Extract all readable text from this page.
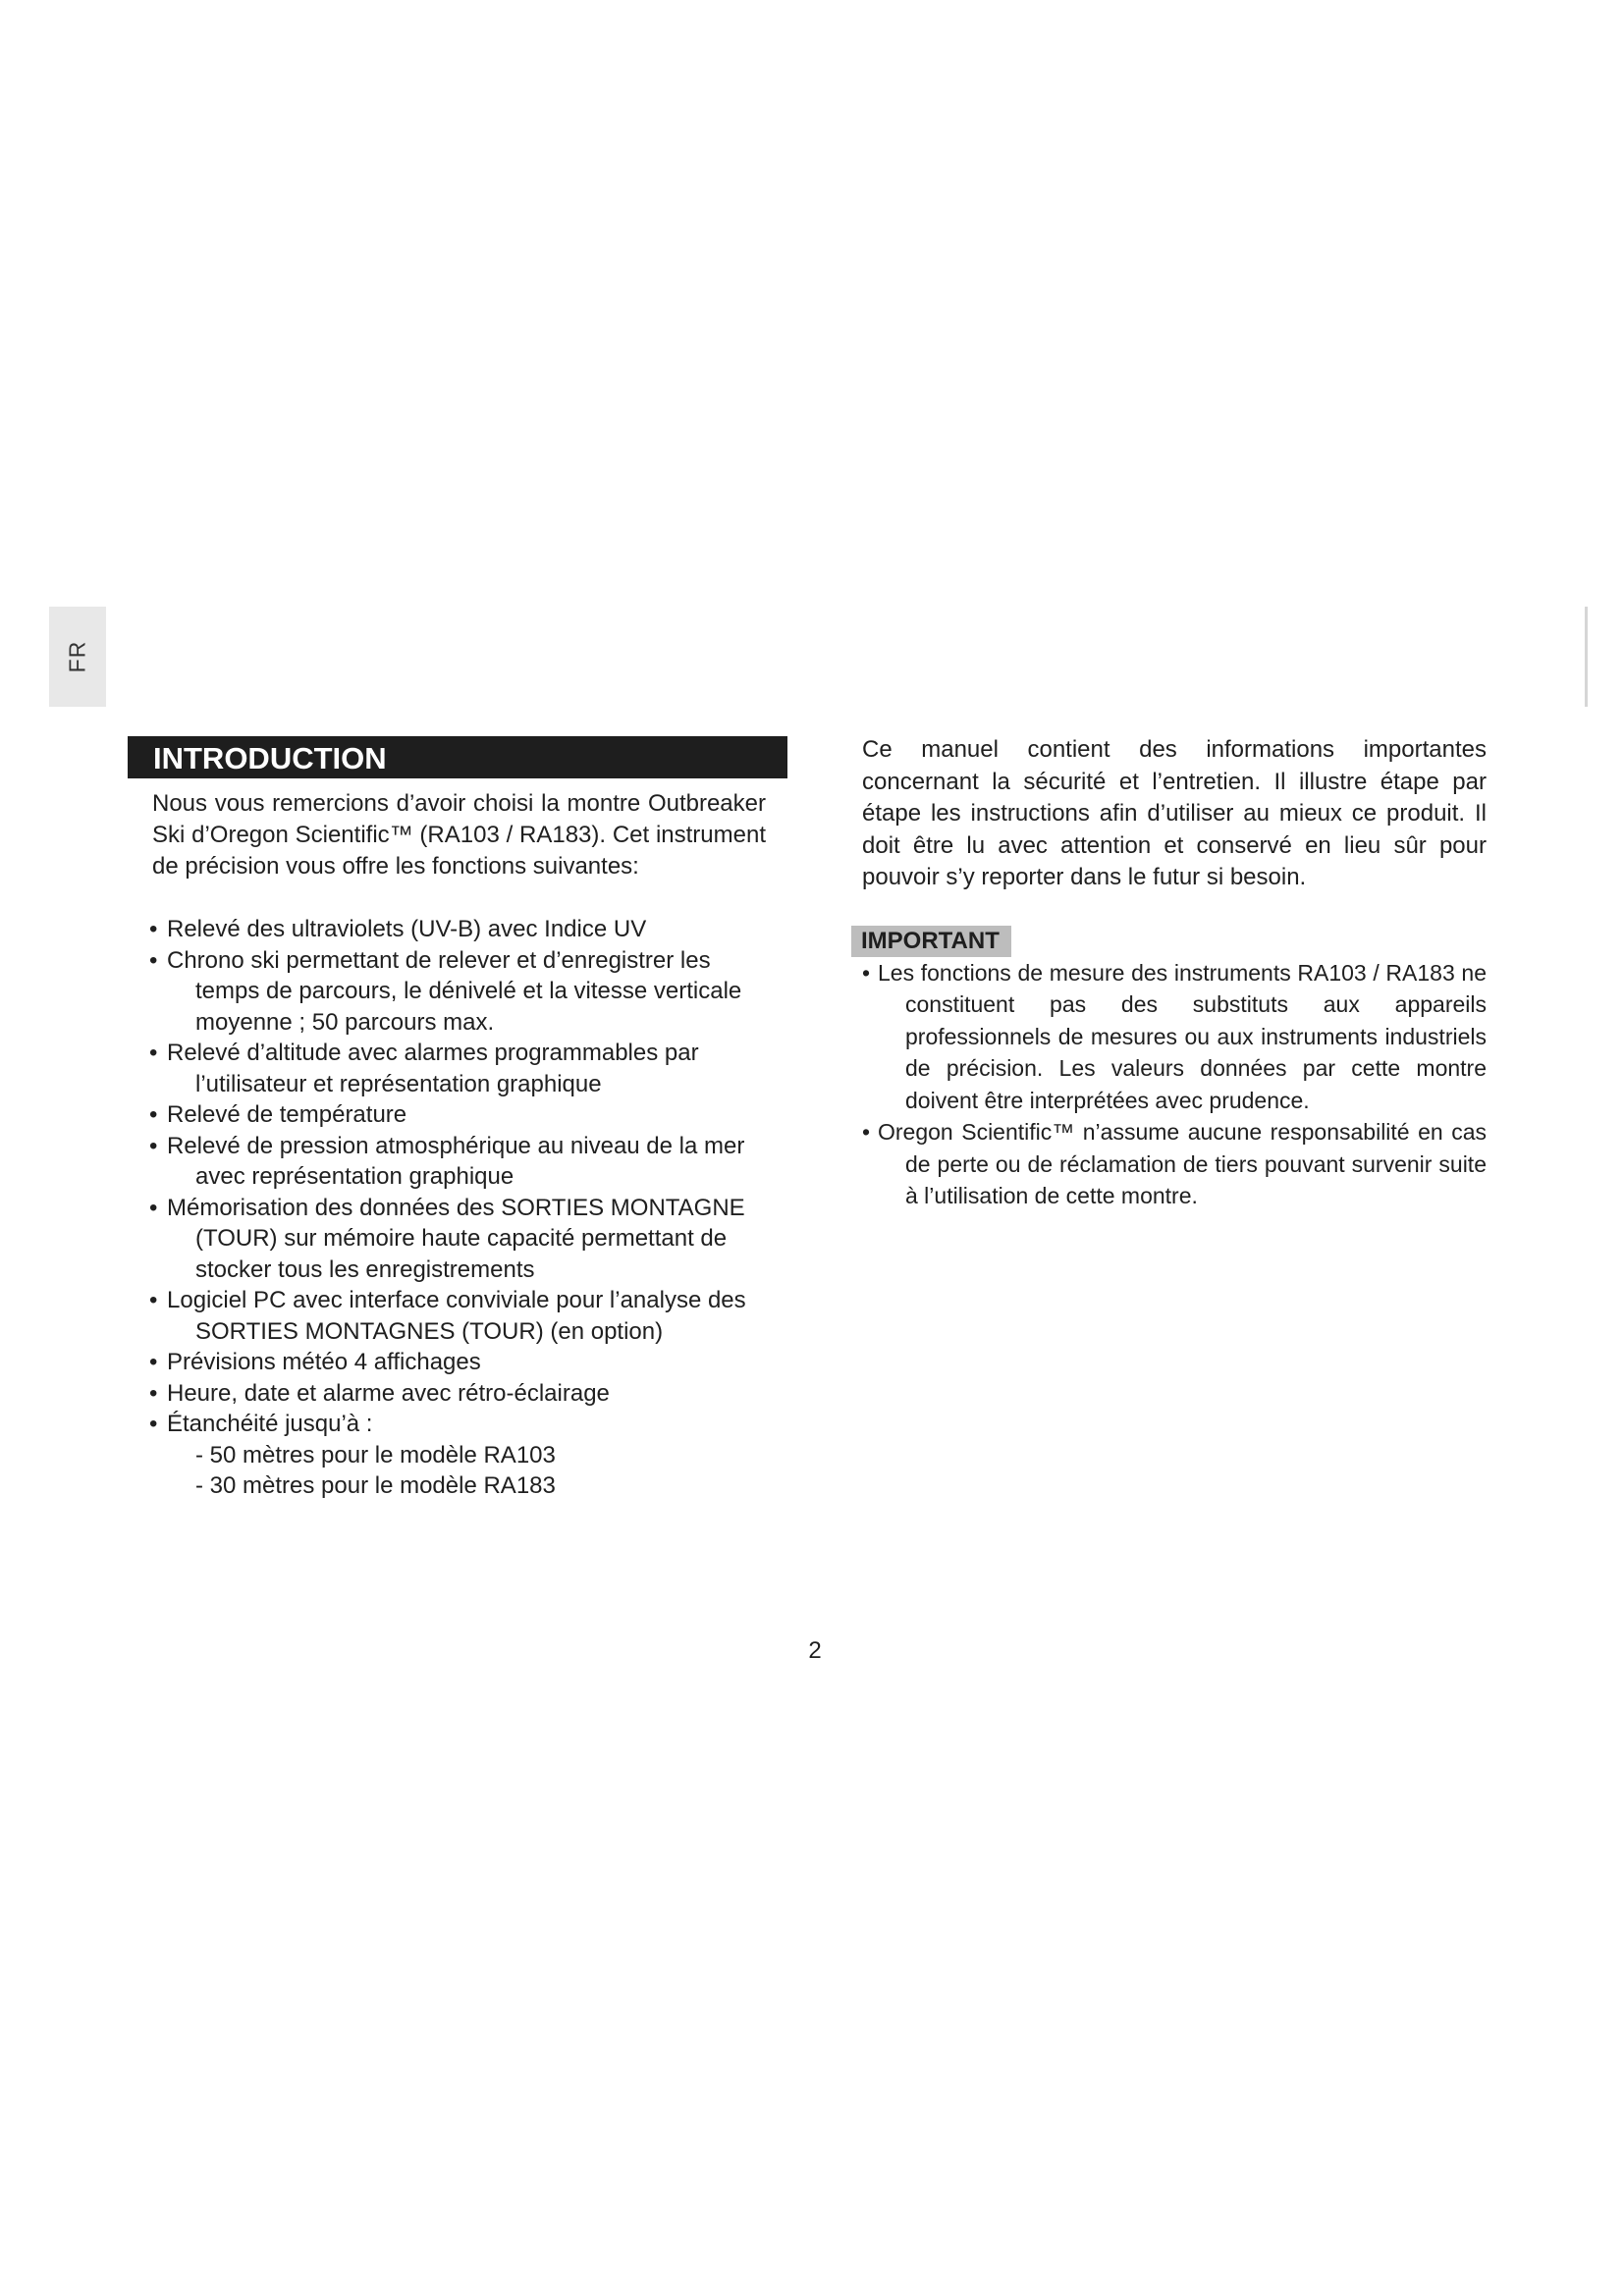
FR
INTRODUCTION

Nous vous remercions d’avoir choisi la montre Outbreaker Ski d’Oregon Scientific™ (RA103 / RA183). Cet instrument de précision vous offre les fonctions suivantes:

• Relevé des ultraviolets (UV-B) avec Indice UV
• Chrono ski permettant de relever et d’enregistrer les temps de parcours, le dénivelé et la vitesse verticale moyenne ; 50 parcours max.
• Relevé d’altitude avec alarmes programmables par l’utilisateur et représentation graphique
• Relevé de température
• Relevé de pression atmosphérique au niveau de la mer avec représentation graphique
• Mémorisation des données des SORTIES MONTAGNE (TOUR) sur mémoire haute capacité permettant de stocker tous les enregistrements
• Logiciel PC avec interface conviviale pour l’analyse des SORTIES MONTAGNES (TOUR) (en option)
• Prévisions météo 4 affichages
• Heure, date et alarme avec rétro-éclairage
• Étanchéité jusqu’à :
- 50 mètres pour le modèle RA103
- 30 mètres pour le modèle RA183

Ce manuel contient des informations importantes concernant la sécurité et l’entretien. Il illustre étape par étape les instructions afin d’utiliser au mieux ce produit. Il doit être lu avec attention et conservé en lieu sûr pour pouvoir s’y reporter dans le futur si besoin.

IMPORTANT
• Les fonctions de mesure des instruments RA103 / RA183 ne constituent pas des substituts aux appareils professionnels de mesures ou aux instruments industriels de précision. Les valeurs données par cette montre doivent être interprétées avec prudence.
• Oregon Scientific™ n’assume aucune responsabilité en cas de perte ou de réclamation de tiers pouvant survenir suite à l’utilisation de cette montre.
2
